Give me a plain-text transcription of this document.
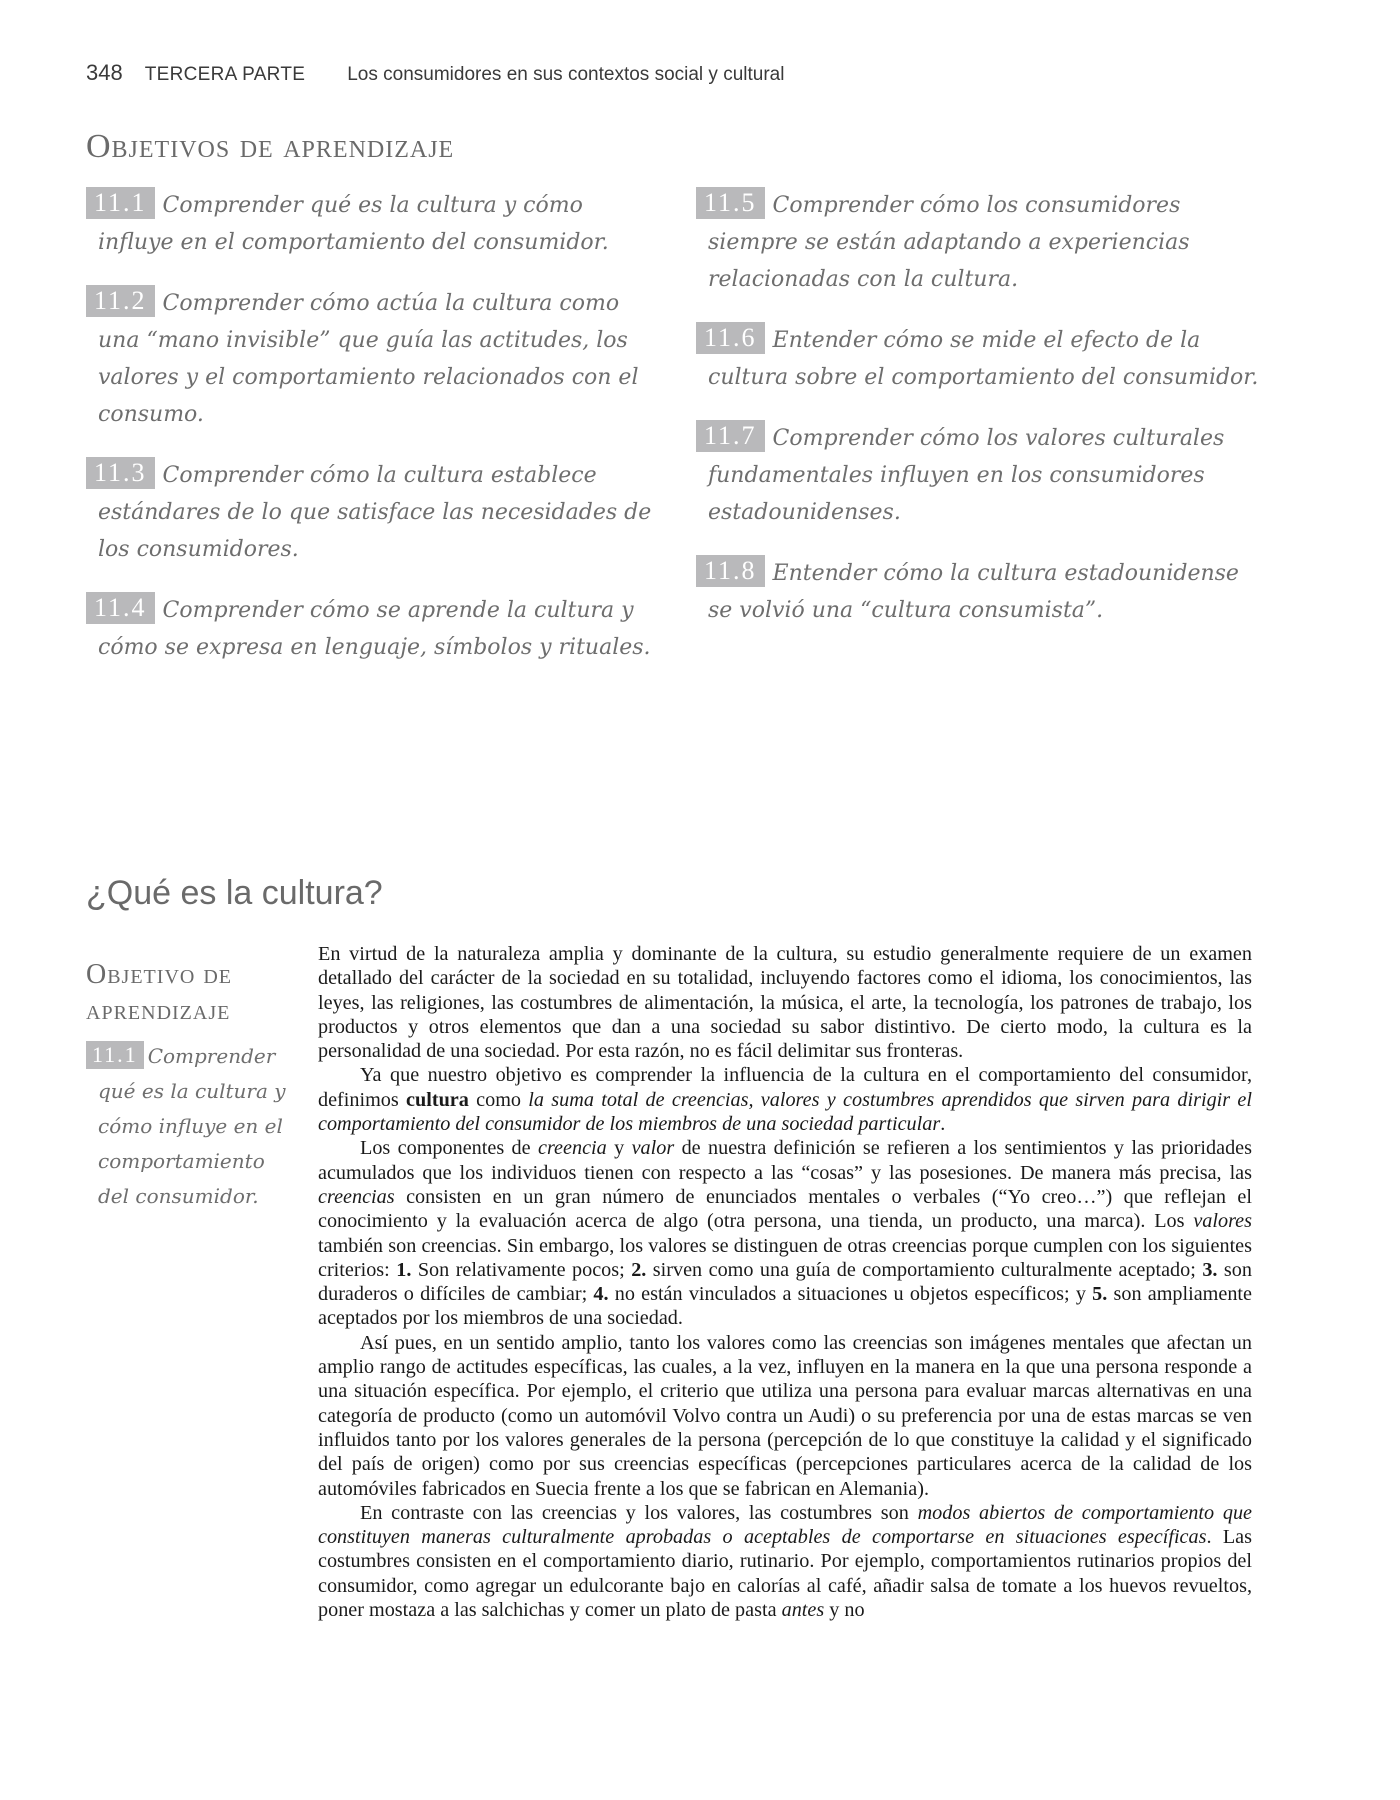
348 TERCERA PARTE Los consumidores en sus contextos social y cultural
Objetivos de aprendizaje
11.1 Comprender qué es la cultura y cómo influye en el comportamiento del consumidor.
11.2 Comprender cómo actúa la cultura como una “mano invisible” que guía las actitudes, los valores y el comportamiento relacionados con el consumo.
11.3 Comprender cómo la cultura establece estándares de lo que satisface las necesidades de los consumidores.
11.4 Comprender cómo se aprende la cultura y cómo se expresa en lenguaje, símbolos y rituales.
11.5 Comprender cómo los consumidores siempre se están adaptando a experiencias relacionadas con la cultura.
11.6 Entender cómo se mide el efecto de la cultura sobre el comportamiento del consumidor.
11.7 Comprender cómo los valores culturales fundamentales influyen en los consumidores estadounidenses.
11.8 Entender cómo la cultura estadounidense se volvió una “cultura consumista”.
¿Qué es la cultura?
Objetivo de aprendizaje
11.1 Comprender qué es la cultura y cómo influye en el comportamiento del consumidor.

En virtud de la naturaleza amplia y dominante de la cultura, su estudio generalmente requiere de un examen detallado del carácter de la sociedad en su totalidad, incluyendo factores como el idioma, los conocimientos, las leyes, las religiones, las costumbres de alimentación, la música, el arte, la tecnología, los patrones de trabajo, los productos y otros elementos que dan a una sociedad su sabor distintivo. De cierto modo, la cultura es la personalidad de una sociedad. Por esta razón, no es fácil delimitar sus fronteras.

Ya que nuestro objetivo es comprender la influencia de la cultura en el comportamiento del consumidor, definimos cultura como la suma total de creencias, valores y costumbres aprendidos que sirven para dirigir el comportamiento del consumidor de los miembros de una sociedad particular.

Los componentes de creencia y valor de nuestra definición se refieren a los sentimientos y las prioridades acumulados que los individuos tienen con respecto a las “cosas” y las posesiones. De manera más precisa, las creencias consisten en un gran número de enunciados mentales o verbales (“Yo creo…”) que reflejan el conocimiento y la evaluación acerca de algo (otra persona, una tienda, un producto, una marca). Los valores también son creencias. Sin embargo, los valores se distinguen de otras creencias porque cumplen con los siguientes criterios: 1. Son relativamente pocos; 2. sirven como una guía de comportamiento culturalmente aceptado; 3. son duraderos o difíciles de cambiar; 4. no están vinculados a situaciones u objetos específicos; y 5. son ampliamente aceptados por los miembros de una sociedad.

Así pues, en un sentido amplio, tanto los valores como las creencias son imágenes mentales que afectan un amplio rango de actitudes específicas, las cuales, a la vez, influyen en la manera en la que una persona responde a una situación específica. Por ejemplo, el criterio que utiliza una persona para evaluar marcas alternativas en una categoría de producto (como un automóvil Volvo contra un Audi) o su preferencia por una de estas marcas se ven influidos tanto por los valores generales de la persona (percepción de lo que constituye la calidad y el significado del país de origen) como por sus creencias específicas (percepciones particulares acerca de la calidad de los automóviles fabricados en Suecia frente a los que se fabrican en Alemania).

En contraste con las creencias y los valores, las costumbres son modos abiertos de comportamiento que constituyen maneras culturalmente aprobadas o aceptables de comportarse en situaciones específicas. Las costumbres consisten en el comportamiento diario, rutinario. Por ejemplo, comportamientos rutinarios propios del consumidor, como agregar un edulcorante bajo en calorías al café, añadir salsa de tomate a los huevos revueltos, poner mostaza a las salchichas y comer un plato de pasta antes y no
